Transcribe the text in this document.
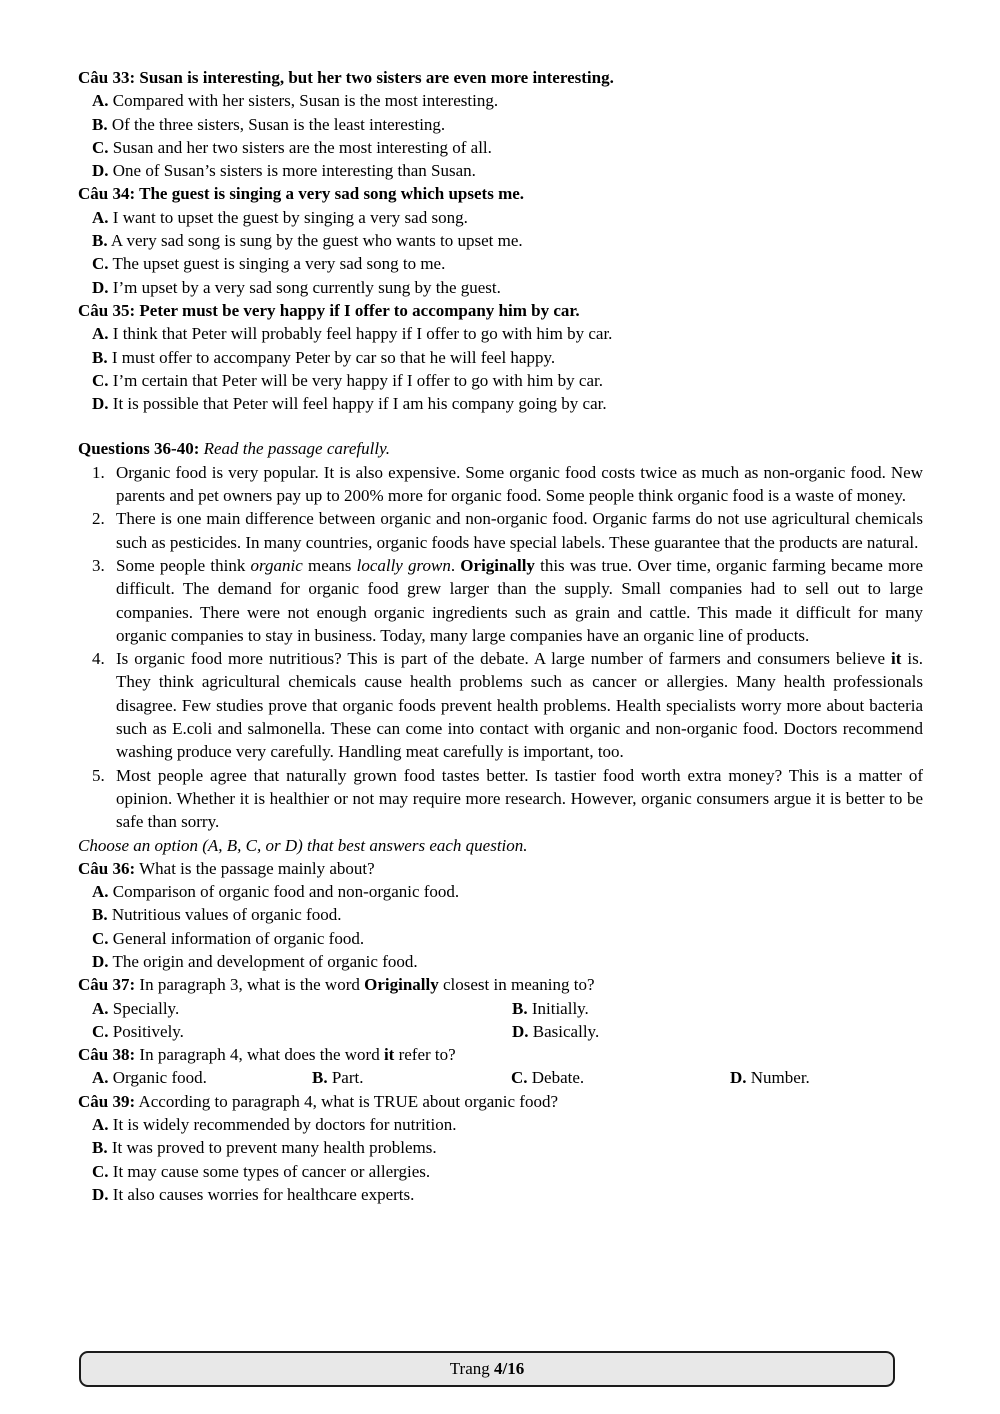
Câu 33: Susan is interesting, but her two sisters are even more interesting.
A. Compared with her sisters, Susan is the most interesting.
B. Of the three sisters, Susan is the least interesting.
C. Susan and her two sisters are the most interesting of all.
D. One of Susan’s sisters is more interesting than Susan.
Câu 34: The guest is singing a very sad song which upsets me.
A. I want to upset the guest by singing a very sad song.
B. A very sad song is sung by the guest who wants to upset me.
C. The upset guest is singing a very sad song to me.
D. I’m upset by a very sad song currently sung by the guest.
Câu 35: Peter must be very happy if I offer to accompany him by car.
A. I think that Peter will probably feel happy if I offer to go with him by car.
B. I must offer to accompany Peter by car so that he will feel happy.
C. I’m certain that Peter will be very happy if I offer to go with him by car.
D. It is possible that Peter will feel happy if I am his company going by car.
Questions 36-40: Read the passage carefully.
1. Organic food is very popular. It is also expensive. Some organic food costs twice as much as non-organic food. New parents and pet owners pay up to 200% more for organic food. Some people think organic food is a waste of money.
2. There is one main difference between organic and non-organic food. Organic farms do not use agricultural chemicals such as pesticides. In many countries, organic foods have special labels. These guarantee that the products are natural.
3. Some people think organic means locally grown. Originally this was true. Over time, organic farming became more difficult. The demand for organic food grew larger than the supply. Small companies had to sell out to large companies. There were not enough organic ingredients such as grain and cattle. This made it difficult for many organic companies to stay in business. Today, many large companies have an organic line of products.
4. Is organic food more nutritious? This is part of the debate. A large number of farmers and consumers believe it is. They think agricultural chemicals cause health problems such as cancer or allergies. Many health professionals disagree. Few studies prove that organic foods prevent health problems. Health specialists worry more about bacteria such as E.coli and salmonella. These can come into contact with organic and non-organic food. Doctors recommend washing produce very carefully. Handling meat carefully is important, too.
5. Most people agree that naturally grown food tastes better. Is tastier food worth extra money? This is a matter of opinion. Whether it is healthier or not may require more research. However, organic consumers argue it is better to be safe than sorry.
Choose an option (A, B, C, or D) that best answers each question.
Câu 36: What is the passage mainly about?
A. Comparison of organic food and non-organic food.
B. Nutritious values of organic food.
C. General information of organic food.
D. The origin and development of organic food.
Câu 37: In paragraph 3, what is the word Originally closest in meaning to?
A. Specially.	B. Initially.
C. Positively.	D. Basically.
Câu 38: In paragraph 4, what does the word it refer to?
A. Organic food.	B. Part.	C. Debate.	D. Number.
Câu 39: According to paragraph 4, what is TRUE about organic food?
A. It is widely recommended by doctors for nutrition.
B. It was proved to prevent many health problems.
C. It may cause some types of cancer or allergies.
D. It also causes worries for healthcare experts.
Trang
4/16
